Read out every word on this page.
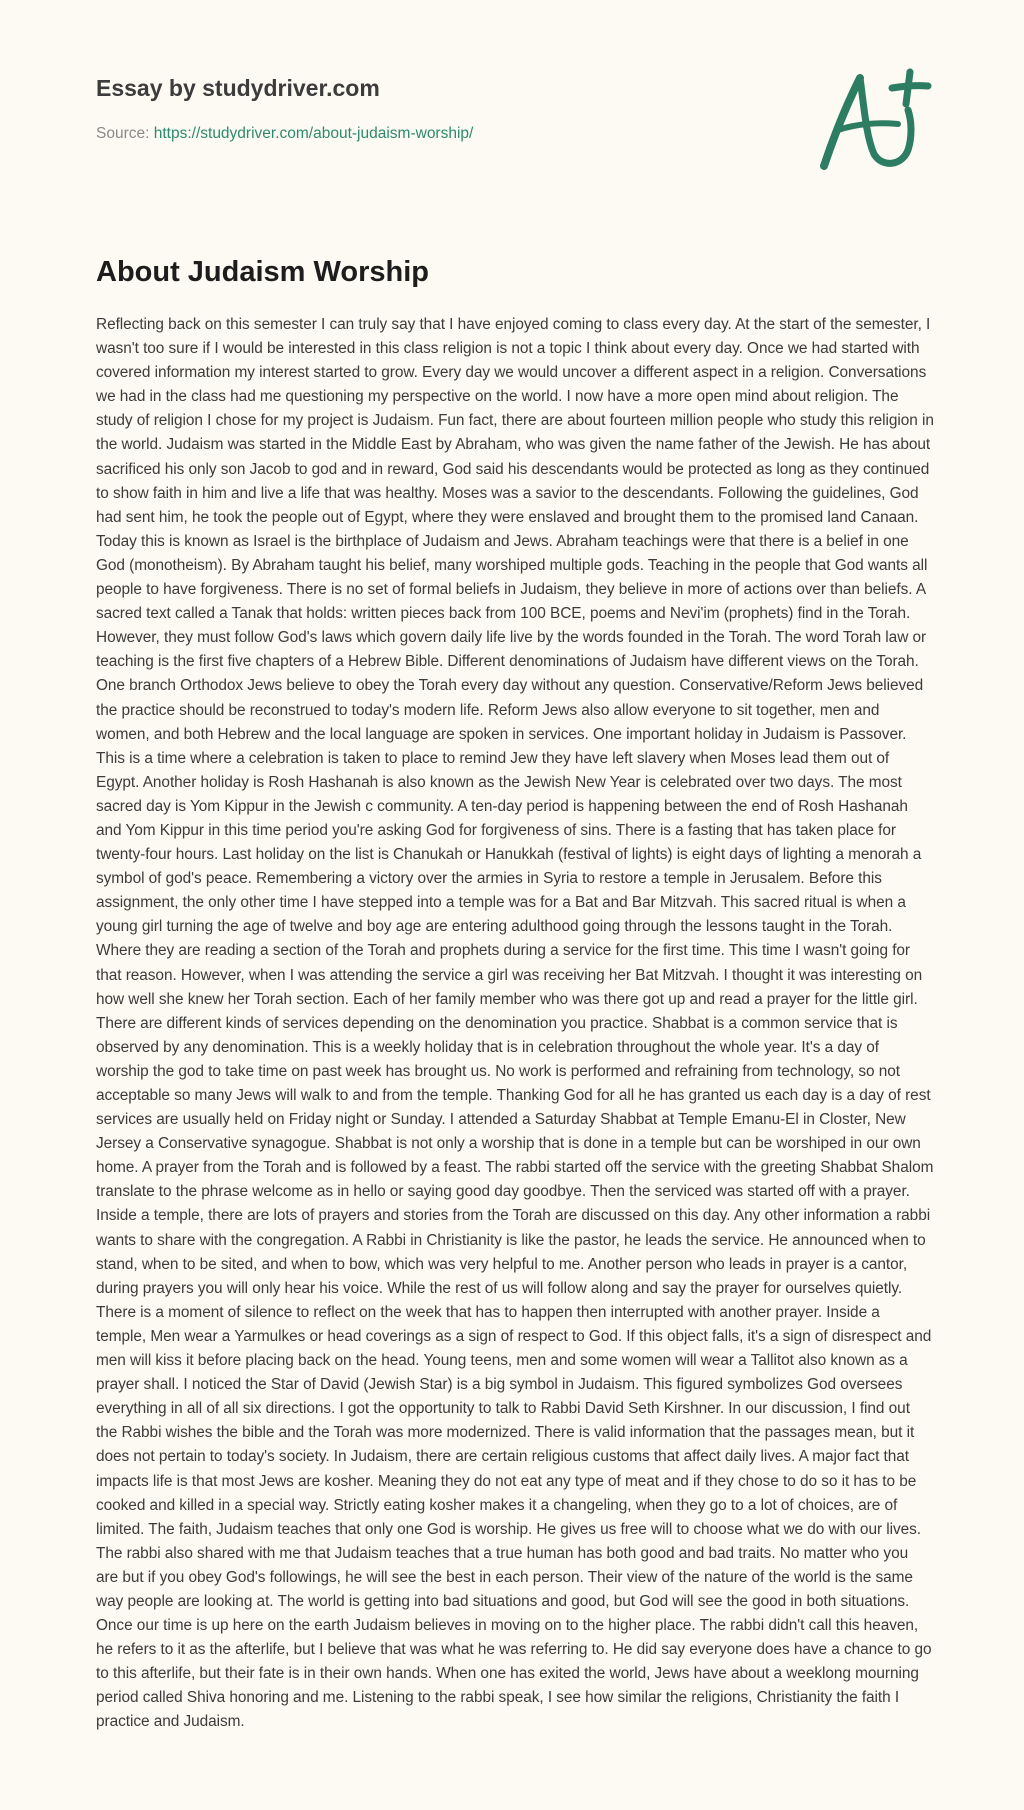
Essay by studydriver.com
Source: https://studydriver.com/about-judaism-worship/
About Judaism Worship

Reflecting back on this semester I can truly say that I have enjoyed coming to class every day. At the start of the semester, I wasn't too sure if I would be interested in this class religion is not a topic I think about every day. Once we had started with covered information my interest started to grow. Every day we would uncover a different aspect in a religion. Conversations we had in the class had me questioning my perspective on the world. I now have a more open mind about religion. The study of religion I chose for my project is Judaism. Fun fact, there are about fourteen million people who study this religion in the world. Judaism was started in the Middle East by Abraham, who was given the name father of the Jewish. He has about sacrificed his only son Jacob to god and in reward, God said his descendants would be protected as long as they continued to show faith in him and live a life that was healthy. Moses was a savior to the descendants. Following the guidelines, God had sent him, he took the people out of Egypt, where they were enslaved and brought them to the promised land Canaan. Today this is known as Israel is the birthplace of Judaism and Jews. Abraham teachings were that there is a belief in one God (monotheism). By Abraham taught his belief, many worshiped multiple gods. Teaching in the people that God wants all people to have forgiveness. There is no set of formal beliefs in Judaism, they believe in more of actions over than beliefs. A sacred text called a Tanak that holds: written pieces back from 100 BCE, poems and Nevi'im (prophets) find in the Torah. However, they must follow God's laws which govern daily life live by the words founded in the Torah. The word Torah law or teaching is the first five chapters of a Hebrew Bible. Different denominations of Judaism have different views on the Torah. One branch Orthodox Jews believe to obey the Torah every day without any question. Conservative/Reform Jews believed the practice should be reconstrued to today's modern life. Reform Jews also allow everyone to sit together, men and women, and both Hebrew and the local language are spoken in services. One important holiday in Judaism is Passover. This is a time where a celebration is taken to place to remind Jew they have left slavery when Moses lead them out of Egypt. Another holiday is Rosh Hashanah is also known as the Jewish New Year is celebrated over two days. The most sacred day is Yom Kippur in the Jewish c community. A ten-day period is happening between the end of Rosh Hashanah and Yom Kippur in this time period you're asking God for forgiveness of sins. There is a fasting that has taken place for twenty-four hours. Last holiday on the list is Chanukah or Hanukkah (festival of lights) is eight days of lighting a menorah a symbol of god's peace. Remembering a victory over the armies in Syria to restore a temple in Jerusalem. Before this assignment, the only other time I have stepped into a temple was for a Bat and Bar Mitzvah. This sacred ritual is when a young girl turning the age of twelve and boy age are entering adulthood going through the lessons taught in the Torah. Where they are reading a section of the Torah and prophets during a service for the first time. This time I wasn't going for that reason. However, when I was attending the service a girl was receiving her Bat Mitzvah. I thought it was interesting on how well she knew her Torah section. Each of her family member who was there got up and read a prayer for the little girl. There are different kinds of services depending on the denomination you practice. Shabbat is a common service that is observed by any denomination. This is a weekly holiday that is in celebration throughout the whole year. It's a day of worship the god to take time on past week has brought us. No work is performed and refraining from technology, so not acceptable so many Jews will walk to and from the temple. Thanking God for all he has granted us each day is a day of rest services are usually held on Friday night or Sunday. I attended a Saturday Shabbat at Temple Emanu-El in Closter, New Jersey a Conservative synagogue. Shabbat is not only a worship that is done in a temple but can be worshiped in our own home. A prayer from the Torah and is followed by a feast. The rabbi started off the service with the greeting Shabbat Shalom translate to the phrase welcome as in hello or saying good day goodbye. Then the serviced was started off with a prayer. Inside a temple, there are lots of prayers and stories from the Torah are discussed on this day. Any other information a rabbi wants to share with the congregation. A Rabbi in Christianity is like the pastor, he leads the service. He announced when to stand, when to be sited, and when to bow, which was very helpful to me. Another person who leads in prayer is a cantor, during prayers you will only hear his voice. While the rest of us will follow along and say the prayer for ourselves quietly. There is a moment of silence to reflect on the week that has to happen then interrupted with another prayer. Inside a temple, Men wear a Yarmulkes or head coverings as a sign of respect to God. If this object falls, it's a sign of disrespect and men will kiss it before placing back on the head. Young teens, men and some women will wear a Tallitot also known as a prayer shall. I noticed the Star of David (Jewish Star) is a big symbol in Judaism. This figured symbolizes God oversees everything in all of all six directions. I got the opportunity to talk to Rabbi David Seth Kirshner. In our discussion, I find out the Rabbi wishes the bible and the Torah was more modernized. There is valid information that the passages mean, but it does not pertain to today's society. In Judaism, there are certain religious customs that affect daily lives. A major fact that impacts life is that most Jews are kosher. Meaning they do not eat any type of meat and if they chose to do so it has to be cooked and killed in a special way. Strictly eating kosher makes it a changeling, when they go to a lot of choices, are of limited. The faith, Judaism teaches that only one God is worship. He gives us free will to choose what we do with our lives. The rabbi also shared with me that Judaism teaches that a true human has both good and bad traits. No matter who you are but if you obey God's followings, he will see the best in each person. Their view of the nature of the world is the same way people are looking at. The world is getting into bad situations and good, but God will see the good in both situations. Once our time is up here on the earth Judaism believes in moving on to the higher place. The rabbi didn't call this heaven, he refers to it as the afterlife, but I believe that was what he was referring to. He did say everyone does have a chance to go to this afterlife, but their fate is in their own hands. When one has exited the world, Jews have about a weeklong mourning period called Shiva honoring and me. Listening to the rabbi speak, I see how similar the religions, Christianity the faith I practice and Judaism.
